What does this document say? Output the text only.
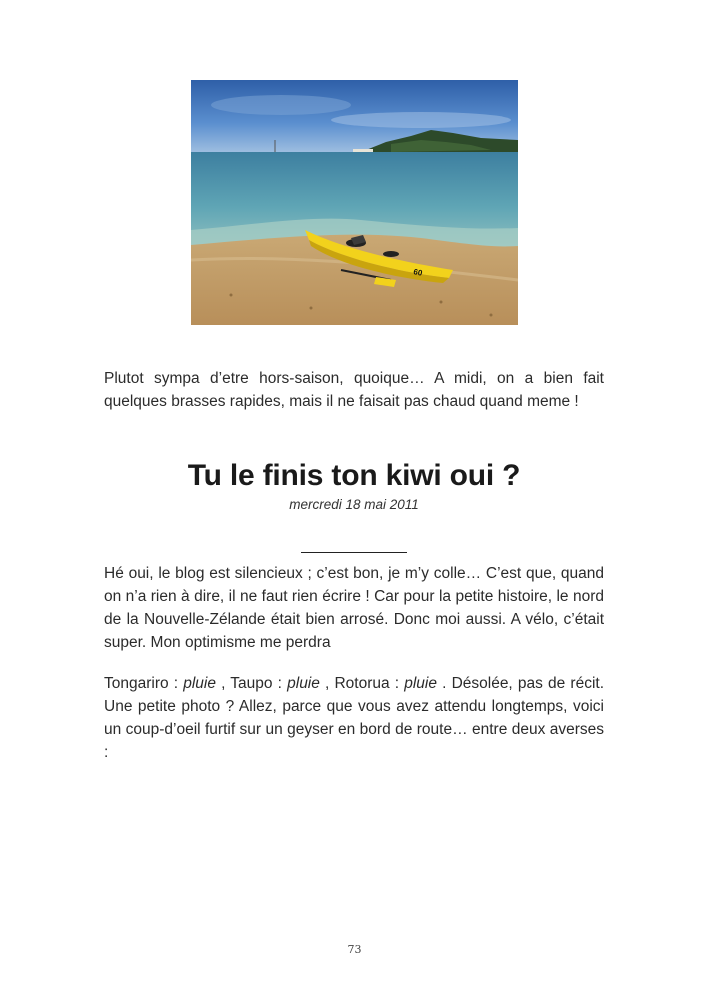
60

Plutot sympa d’etre hors-saison, quoique… A midi, on a bien fait quelques brasses rapides, mais il ne faisait pas chaud quand meme !

Tu le finis ton kiwi oui ?
mercredi 18 mai 2011

Hé oui, le blog est silencieux ; c’est bon, je m’y colle… C’est que, quand on n’a rien à dire, il ne faut rien écrire ! Car pour la petite histoire, le nord de la Nouvelle-Zélande était bien arrosé. Donc moi aussi. A vélo, c’était super. Mon optimisme me perdra

Tongariro : pluie , Taupo : pluie , Rotorua : pluie . Désolée, pas de récit. Une petite photo ? Allez, parce que vous avez attendu longtemps, voici un coup-d’oeil furtif sur un geyser en bord de route… entre deux averses :

73
